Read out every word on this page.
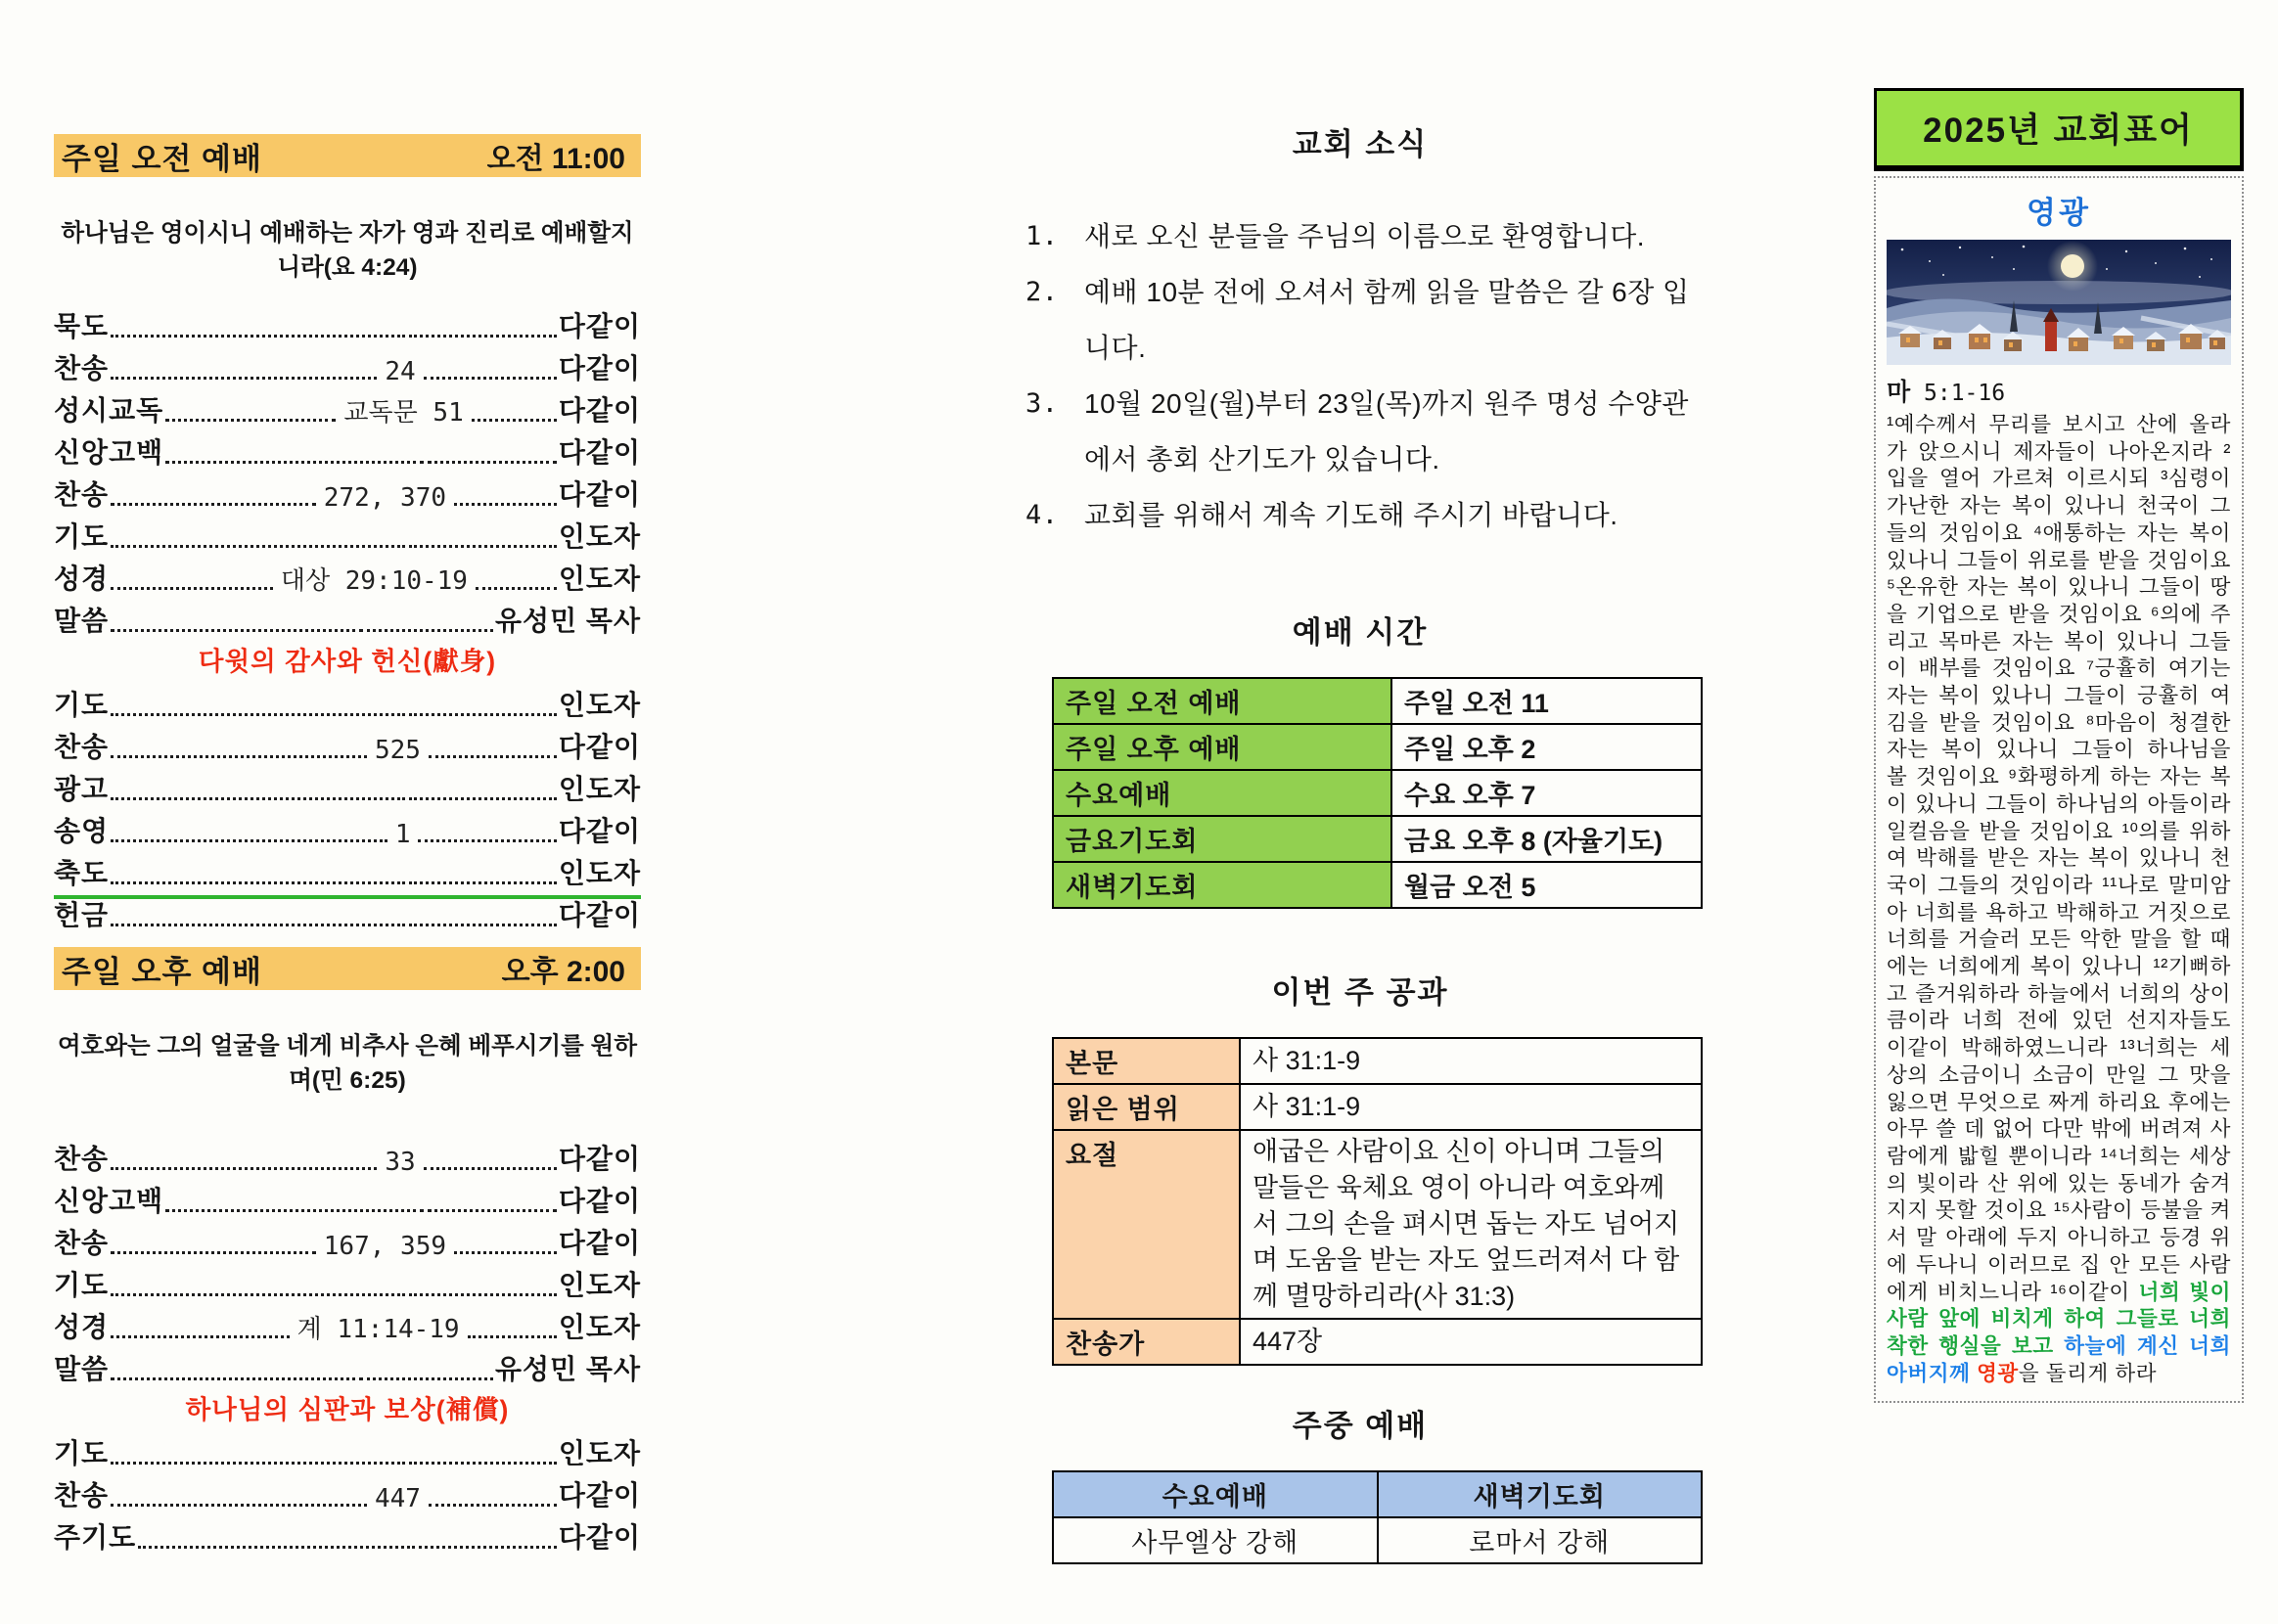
주일 오전 예배	오전 11:00
하나님은 영이시니 예배하는 자가 영과 진리로 예배할지니라(요 4:24)
묵도	다같이
찬송	24	다같이
성시교독	교독문 51	다같이
신앙고백	다같이
찬송	272, 370	다같이
기도	인도자
성경	대상 29:10-19	인도자
말씀	유성민 목사
다윗의 감사와 헌신(獻身)
기도	인도자
찬송	525	다같이
광고	인도자
송영	1	다같이
축도	인도자
헌금	다같이
주일 오후 예배	오후 2:00
여호와는 그의 얼굴을 네게 비추사 은혜 베푸시기를 원하며(민 6:25)
찬송	33	다같이
신앙고백	다같이
찬송	167, 359	다같이
기도	인도자
성경	계 11:14-19	인도자
말씀	유성민 목사
하나님의 심판과 보상(補償)
기도	인도자
찬송	447	다같이
주기도	다같이
교회 소식
1. 새로 오신 분들을 주님의 이름으로 환영합니다.
2. 예배 10분 전에 오셔서 함께 읽을 말씀은 갈 6장 입니다.
3. 10월 20일(월)부터 23일(목)까지 원주 명성 수양관에서 총회 산기도가 있습니다.
4. 교회를 위해서 계속 기도해 주시기 바랍니다.
예배 시간
주일 오전 예배	주일 오전 11
주일 오후 예배	주일 오후 2
수요예배	수요 오후 7
금요기도회	금요 오후 8 (자율기도)
새벽기도회	월금 오전 5
이번 주 공과
본문	사 31:1-9
읽은 범위	사 31:1-9
요절	애굽은 사람이요 신이 아니며 그들의 말들은 육체요 영이 아니라 여호와께서 그의 손을 펴시면 돕는 자도 넘어지며 도움을 받는 자도 엎드러져서 다 함께 멸망하리라(사 31:3)
찬송가	447장
주중 예배
수요예배	새벽기도회
사무엘상 강해	로마서 강해
2025년 교회표어
영광
마 5:1-16
¹예수께서 무리를 보시고 산에 올라가 앉으시니 제자들이 나아온지라 ²입을 열어 가르쳐 이르시되 ³심령이 가난한 자는 복이 있나니 천국이 그들의 것임이요 ⁴애통하는 자는 복이 있나니 그들이 위로를 받을 것임이요 ⁵온유한 자는 복이 있나니 그들이 땅을 기업으로 받을 것임이요 ⁶의에 주리고 목마른 자는 복이 있나니 그들이 배부를 것임이요 ⁷긍휼히 여기는 자는 복이 있나니 그들이 긍휼히 여김을 받을 것임이요 ⁸마음이 청결한 자는 복이 있나니 그들이 하나님을 볼 것임이요 ⁹화평하게 하는 자는 복이 있나니 그들이 하나님의 아들이라 일컬음을 받을 것임이요 ¹⁰의를 위하여 박해를 받은 자는 복이 있나니 천국이 그들의 것임이라 ¹¹나로 말미암아 너희를 욕하고 박해하고 거짓으로 너희를 거슬러 모든 악한 말을 할 때에는 너희에게 복이 있나니 ¹²기뻐하고 즐거워하라 하늘에서 너희의 상이 큼이라 너희 전에 있던 선지자들도 이같이 박해하였느니라 ¹³너희는 세상의 소금이니 소금이 만일 그 맛을 잃으면 무엇으로 짜게 하리요 후에는 아무 쓸 데 없어 다만 밖에 버려져 사람에게 밟힐 뿐이니라 ¹⁴너희는 세상의 빛이라 산 위에 있는 동네가 숨겨지지 못할 것이요 ¹⁵사람이 등불을 켜서 말 아래에 두지 아니하고 등경 위에 두나니 이러므로 집 안 모든 사람에게 비치느니라 ¹⁶이같이 너희 빛이 사람 앞에 비치게 하여 그들로 너희 착한 행실을 보고 하늘에 계신 너희 아버지께 영광을 돌리게 하라
